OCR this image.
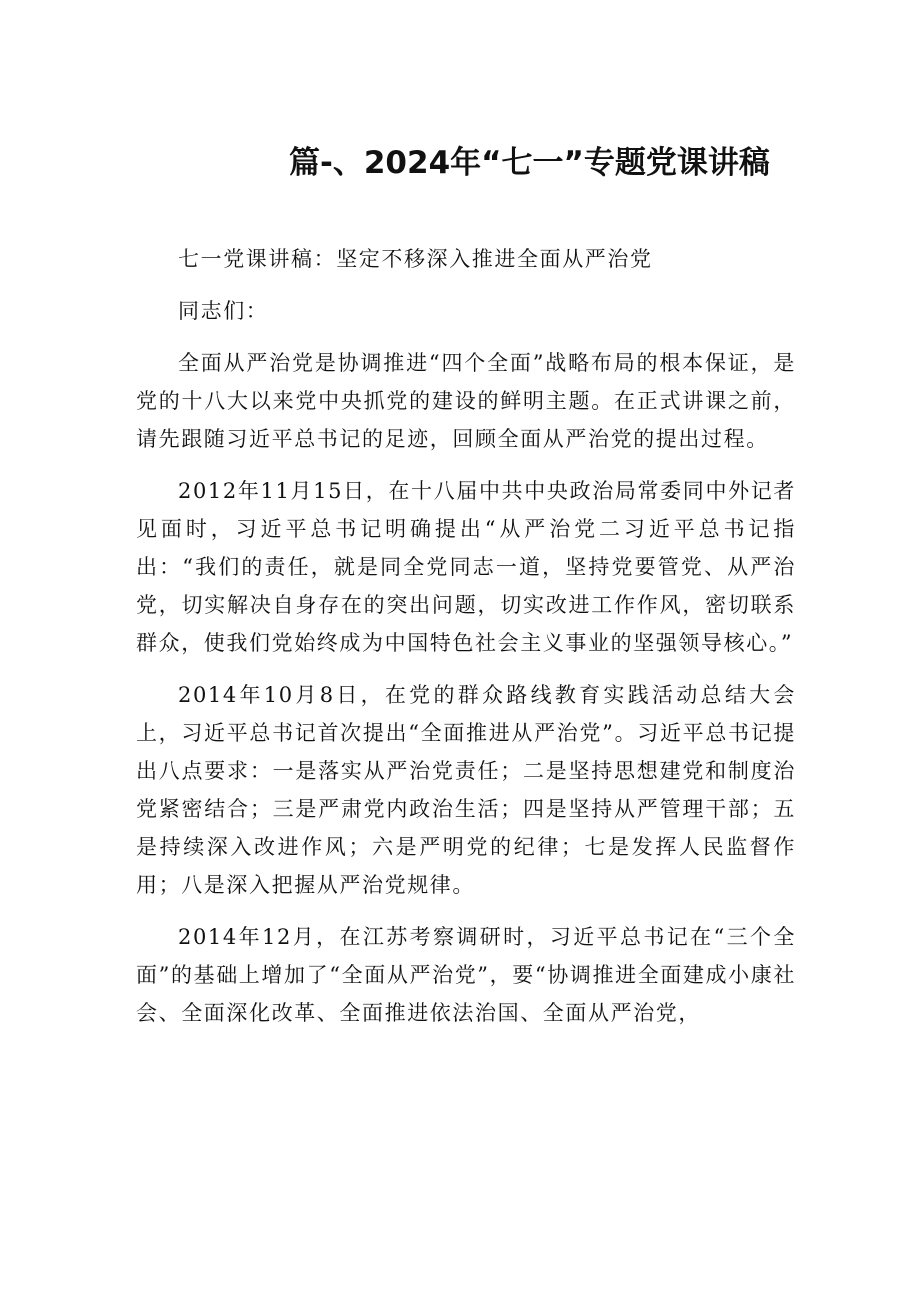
篇-、2024年“七一”专题党课讲稿

七一党课讲稿：坚定不移深入推进全面从严治党

同志们：

全面从严治党是协调推进“四个全面”战略布局的根本保证，是党的十八大以来党中央抓党的建设的鲜明主题。在正式讲课之前，请先跟随习近平总书记的足迹，回顾全面从严治党的提出过程。

2012年11月15日，在十八届中共中央政治局常委同中外记者见面时，习近平总书记明确提出“从严治党二习近平总书记指出：“我们的责任，就是同全党同志一道，坚持党要管党、从严治党，切实解决自身存在的突出问题，切实改进工作作风，密切联系群众，使我们党始终成为中国特色社会主义事业的坚强领导核心。”

2014年10月8日，在党的群众路线教育实践活动总结大会上，习近平总书记首次提出“全面推进从严治党”。习近平总书记提出八点要求：一是落实从严治党责任；二是坚持思想建党和制度治党紧密结合；三是严肃党内政治生活；四是坚持从严管理干部；五是持续深入改进作风；六是严明党的纪律；七是发挥人民监督作用；八是深入把握从严治党规律。

2014年12月，在江苏考察调研时，习近平总书记在“三个全面”的基础上增加了“全面从严治党”，要“协调推进全面建成小康社会、全面深化改革、全面推进依法治国、全面从严治党，
